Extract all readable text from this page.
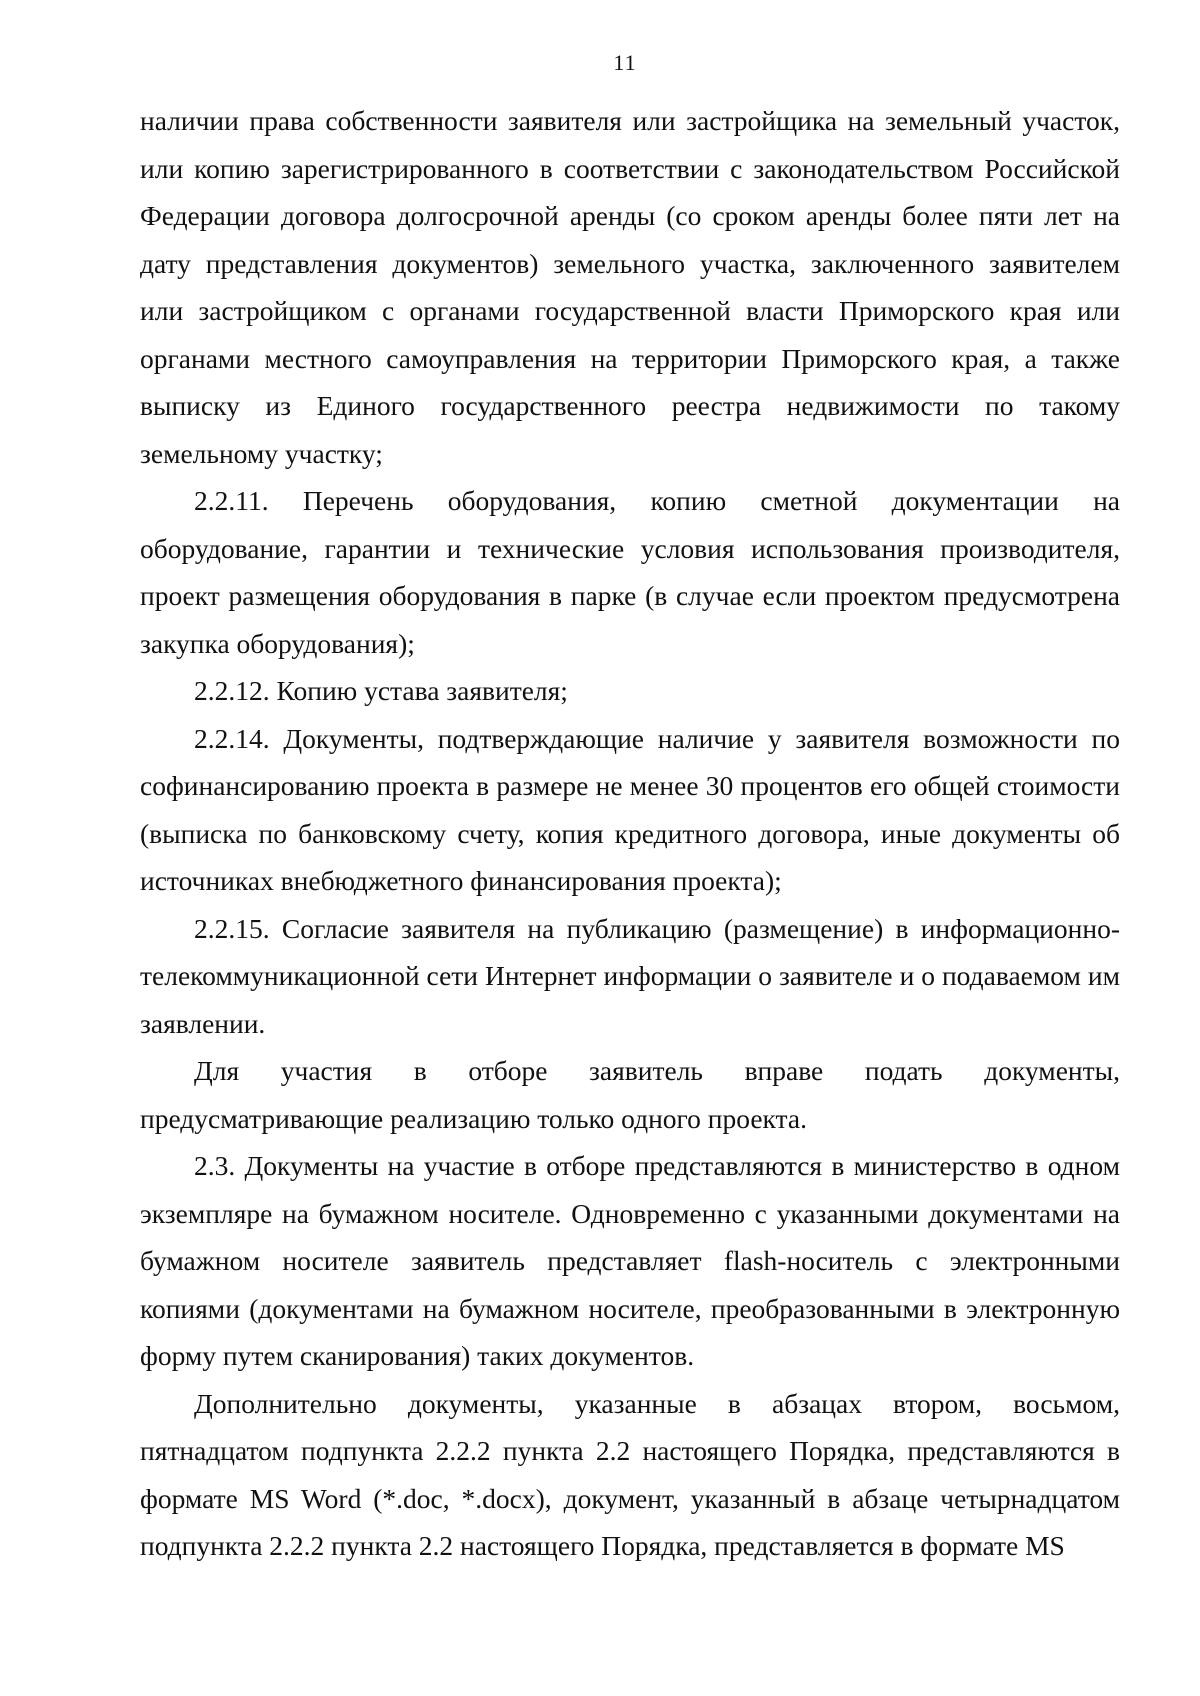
11

наличии права собственности заявителя или застройщика на земельный участок, или копию зарегистрированного в соответствии с законодательством Российской Федерации договора долгосрочной аренды (со сроком аренды более пяти лет на дату представления документов) земельного участка, заключенного заявителем или застройщиком с органами государственной власти Приморского края или органами местного самоуправления на территории Приморского края, а также выписку из Единого государственного реестра недвижимости по такому земельному участку;

2.2.11. Перечень оборудования, копию сметной документации на оборудование, гарантии и технические условия использования производителя, проект размещения оборудования в парке (в случае если проектом предусмотрена закупка оборудования);

2.2.12. Копию устава заявителя;

2.2.14. Документы, подтверждающие наличие у заявителя возможности по софинансированию проекта в размере не менее 30 процентов его общей стоимости (выписка по банковскому счету, копия кредитного договора, иные документы об источниках внебюджетного финансирования проекта);

2.2.15. Согласие заявителя на публикацию (размещение) в информационно-телекоммуникационной сети Интернет информации о заявителе и о подаваемом им заявлении.

Для участия в отборе заявитель вправе подать документы, предусматривающие реализацию только одного проекта.

2.3. Документы на участие в отборе представляются в министерство в одном экземпляре на бумажном носителе. Одновременно с указанными документами на бумажном носителе заявитель представляет flash-носитель с электронными копиями (документами на бумажном носителе, преобразованными в электронную форму путем сканирования) таких документов.

Дополнительно документы, указанные в абзацах втором, восьмом, пятнадцатом подпункта 2.2.2 пункта 2.2 настоящего Порядка, представляются в формате MS Word (*.doc, *.docx), документ, указанный в абзаце четырнадцатом подпункта 2.2.2 пункта 2.2 настоящего Порядка, представляется в формате MS
